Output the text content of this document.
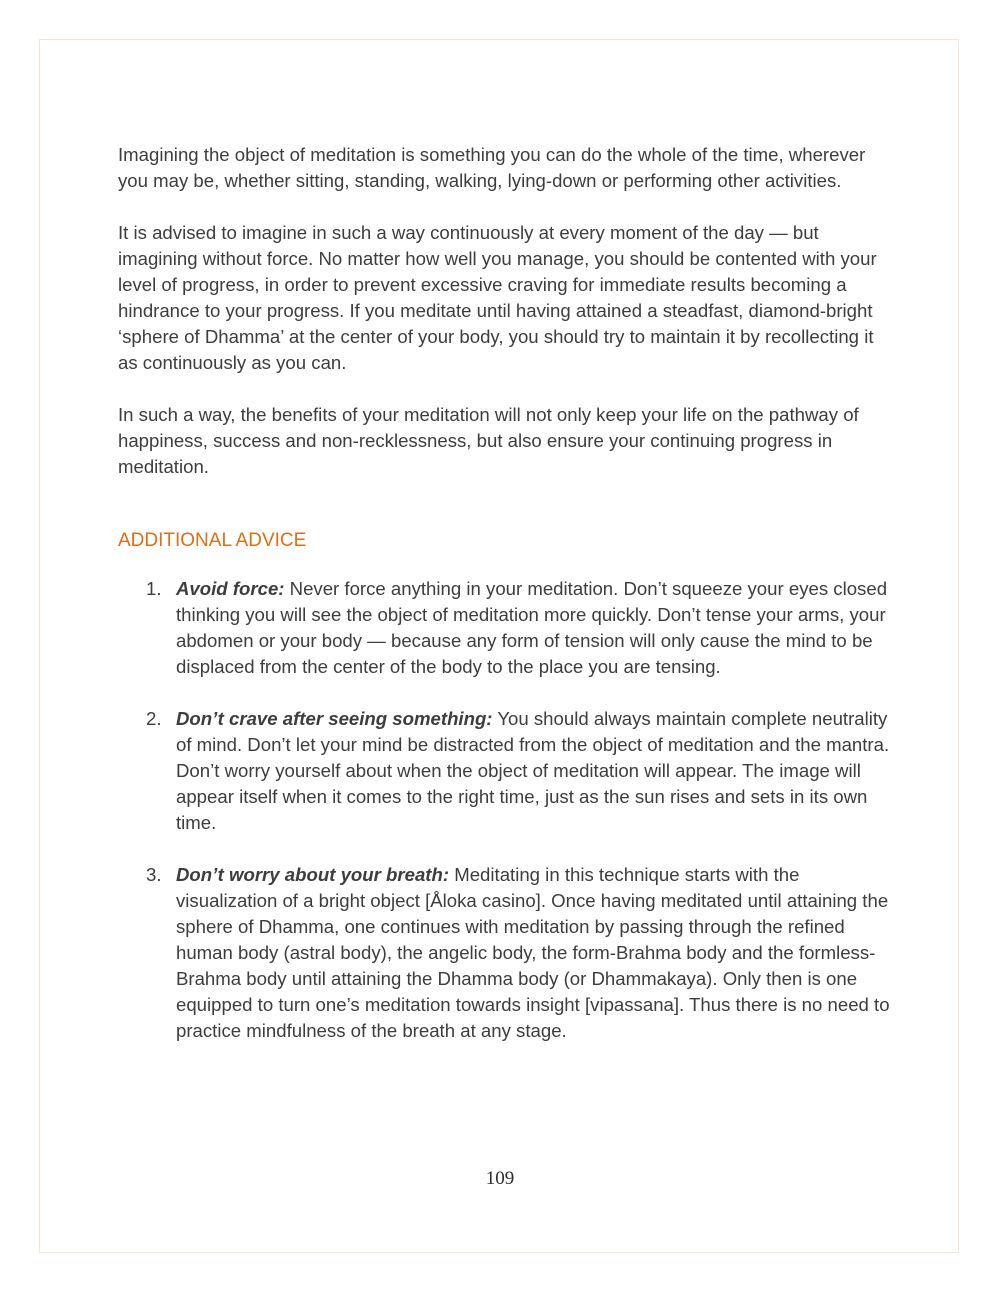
Imagining the object of meditation is something you can do the whole of the time, wherever you may be, whether sitting, standing, walking, lying-down or performing other activities.

It is advised to imagine in such a way continuously at every moment of the day — but imagining without force. No matter how well you manage, you should be contented with your level of progress, in order to prevent excessive craving for immediate results becoming a hindrance to your progress. If you meditate until having attained a steadfast, diamond-bright ‘sphere of Dhamma’ at the center of your body, you should try to maintain it by recollecting it as continuously as you can.

In such a way, the benefits of your meditation will not only keep your life on the pathway of happiness, success and non-recklessness, but also ensure your continuing progress in meditation.

ADDITIONAL ADVICE
1. Avoid force: Never force anything in your meditation. Don’t squeeze your eyes closed thinking you will see the object of meditation more quickly. Don’t tense your arms, your abdomen or your body — because any form of tension will only cause the mind to be displaced from the center of the body to the place you are tensing.
2. Don’t crave after seeing something: You should always maintain complete neutrality of mind. Don’t let your mind be distracted from the object of meditation and the mantra. Don’t worry yourself about when the object of meditation will appear. The image will appear itself when it comes to the right time, just as the sun rises and sets in its own time.
3. Don’t worry about your breath: Meditating in this technique starts with the visualization of a bright object [Åloka casino]. Once having meditated until attaining the sphere of Dhamma, one continues with meditation by passing through the refined human body (astral body), the angelic body, the form-Brahma body and the formless-Brahma body until attaining the Dhamma body (or Dhammakaya). Only then is one equipped to turn one’s meditation towards insight [vipassana]. Thus there is no need to practice mindfulness of the breath at any stage.
109
